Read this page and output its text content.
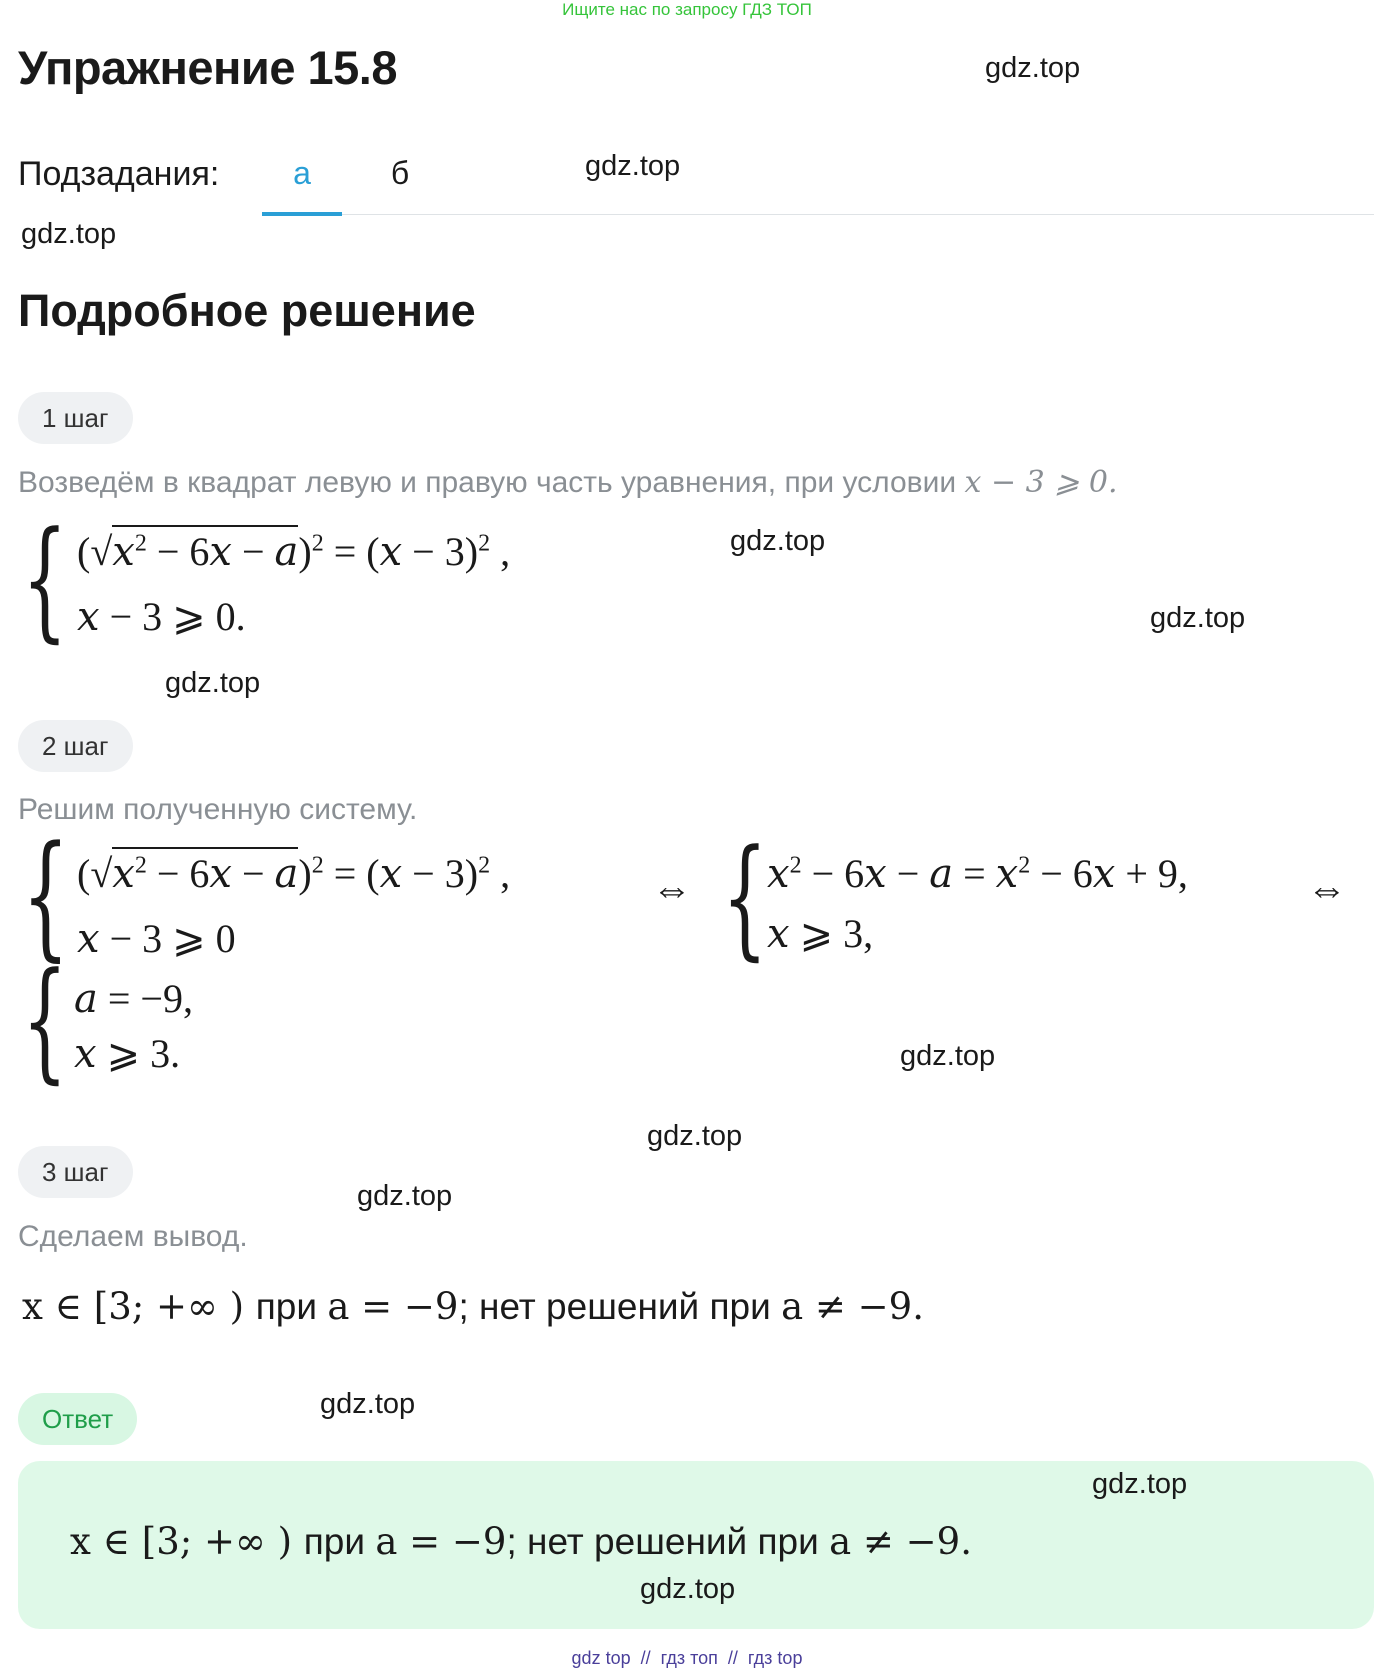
Ищите нас по запросу ГДЗ ТОП
Упражнение 15.8	gdz.top
Подзадания:	а	б	gdz.top
gdz.top
Подробное решение
1 шаг
Возведём в квадрат левую и правую часть уравнения, при условии x − 3 ⩾ 0.
{ $(√x^2 - 6x - a)^2 = (x - 3)^2$ ,
x − 3 ⩾ 0.
gdz.top
gdz.top
gdz.top
2 шаг
Решим полученную систему.
{ $(√x^2 - 6x - a)^2 = (x - 3)^2$ ,
x − 3 ⩾ 0
⇔ { $x^2 - 6x - a = x^2 - 6x + 9$,
x ⩾ 3,
⇔
{ a = −9,
x ⩾ 3.	gdz.top
gdz.top
3 шаг
gdz.top
Сделаем вывод.
x ∈ [3; +∞ ) при a = −9; нет решений при a ≠ −9.
Ответ	gdz.top
gdz.top
x ∈ [3; +∞ ) при a = −9; нет решений при a ≠ −9.
gdz.top
gdz top  //  гдз топ  //  гдз top
